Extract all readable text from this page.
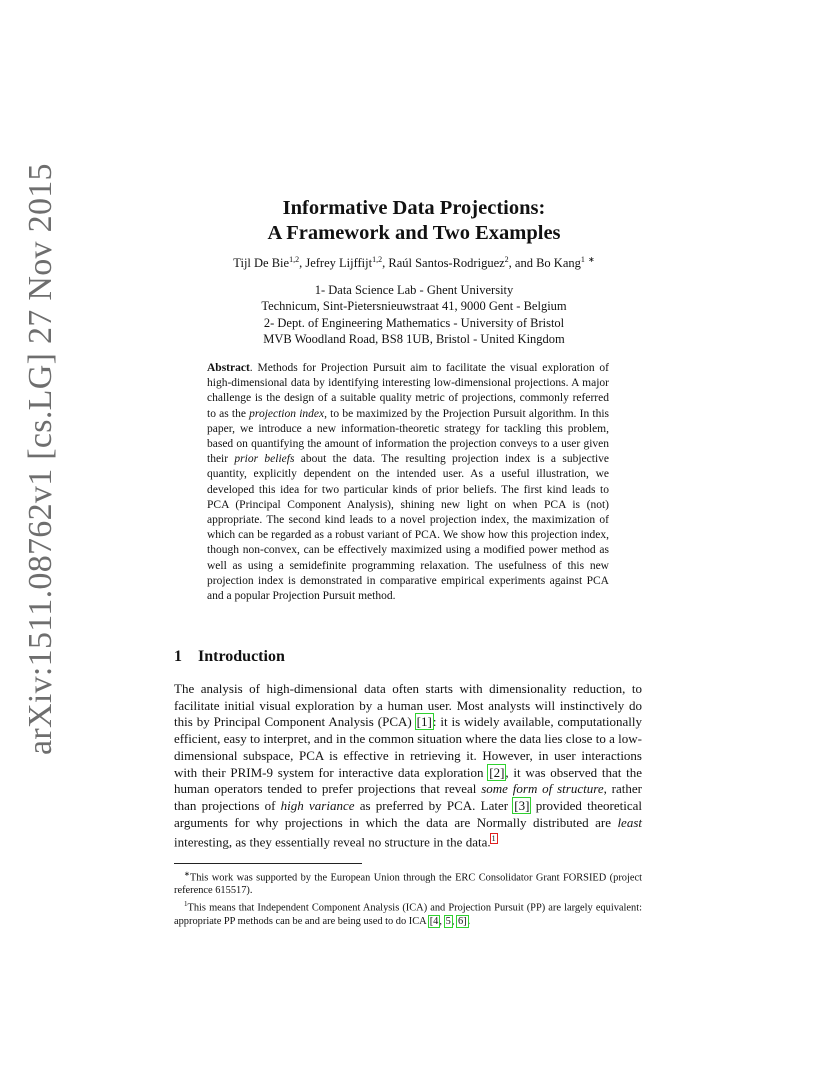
arXiv:1511.08762v1 [cs.LG] 27 Nov 2015	Informative Data Projections:
A Framework and Two Examples
Tijl De Bie$^{1,2}$, Jefrey Lijffijt$^{1,2}$, Raúl Santos-Rodriguez$^2$, and Bo Kang$^1$ ∗
1- Data Science Lab - Ghent University
Technicum, Sint-Pietersnieuwstraat 41, 9000 Gent - Belgium
2- Dept. of Engineering Mathematics - University of Bristol
MVB Woodland Road, BS8 1UB, Bristol - United Kingdom
Abstract. Methods for Projection Pursuit aim to facilitate the visual exploration of high-dimensional data by identifying interesting low-dimensional projections. A major challenge is the design of a suitable quality metric of projections, commonly referred to as the projection index, to be maximized by the Projection Pursuit algorithm. In this paper, we introduce a new information-theoretic strategy for tackling this problem, based on quantifying the amount of information the projection conveys to a user given their prior beliefs about the data. The resulting projection index is a subjective quantity, explicitly dependent on the intended user. As a useful illustration, we developed this idea for two particular kinds of prior beliefs. The first kind leads to PCA (Principal Component Analysis), shining new light on when PCA is (not) appropriate. The second kind leads to a novel projection index, the maximization of which can be regarded as a robust variant of PCA. We show how this projection index, though non-convex, can be effectively maximized using a modified power method as well as using a semidefinite programming relaxation. The usefulness of this new projection index is demonstrated in comparative empirical experiments against PCA and a popular Projection Pursuit method.
1 Introduction
The analysis of high-dimensional data often starts with dimensionality reduction, to facilitate initial visual exploration by a human user. Most analysts will instinctively do this by Principal Component Analysis (PCA) [1]: it is widely available, computationally efficient, easy to interpret, and in the common situation where the data lies close to a low-dimensional subspace, PCA is effective in retrieving it. However, in user interactions with their PRIM-9 system for interactive data exploration [2], it was observed that the human operators tended to prefer projections that reveal some form of structure, rather than projections of high variance as preferred by PCA. Later [3] provided theoretical arguments for why projections in which the data are Normally distributed are least interesting, as they essentially reveal no structure in the data.$^1$

∗This work was supported by the European Union through the ERC Consolidator Grant FORSIED (project reference 615517).

$^1$This means that Independent Component Analysis (ICA) and Projection Pursuit (PP) are largely equivalent: appropriate PP methods can be and are being used to do ICA [4, 5, 6].
